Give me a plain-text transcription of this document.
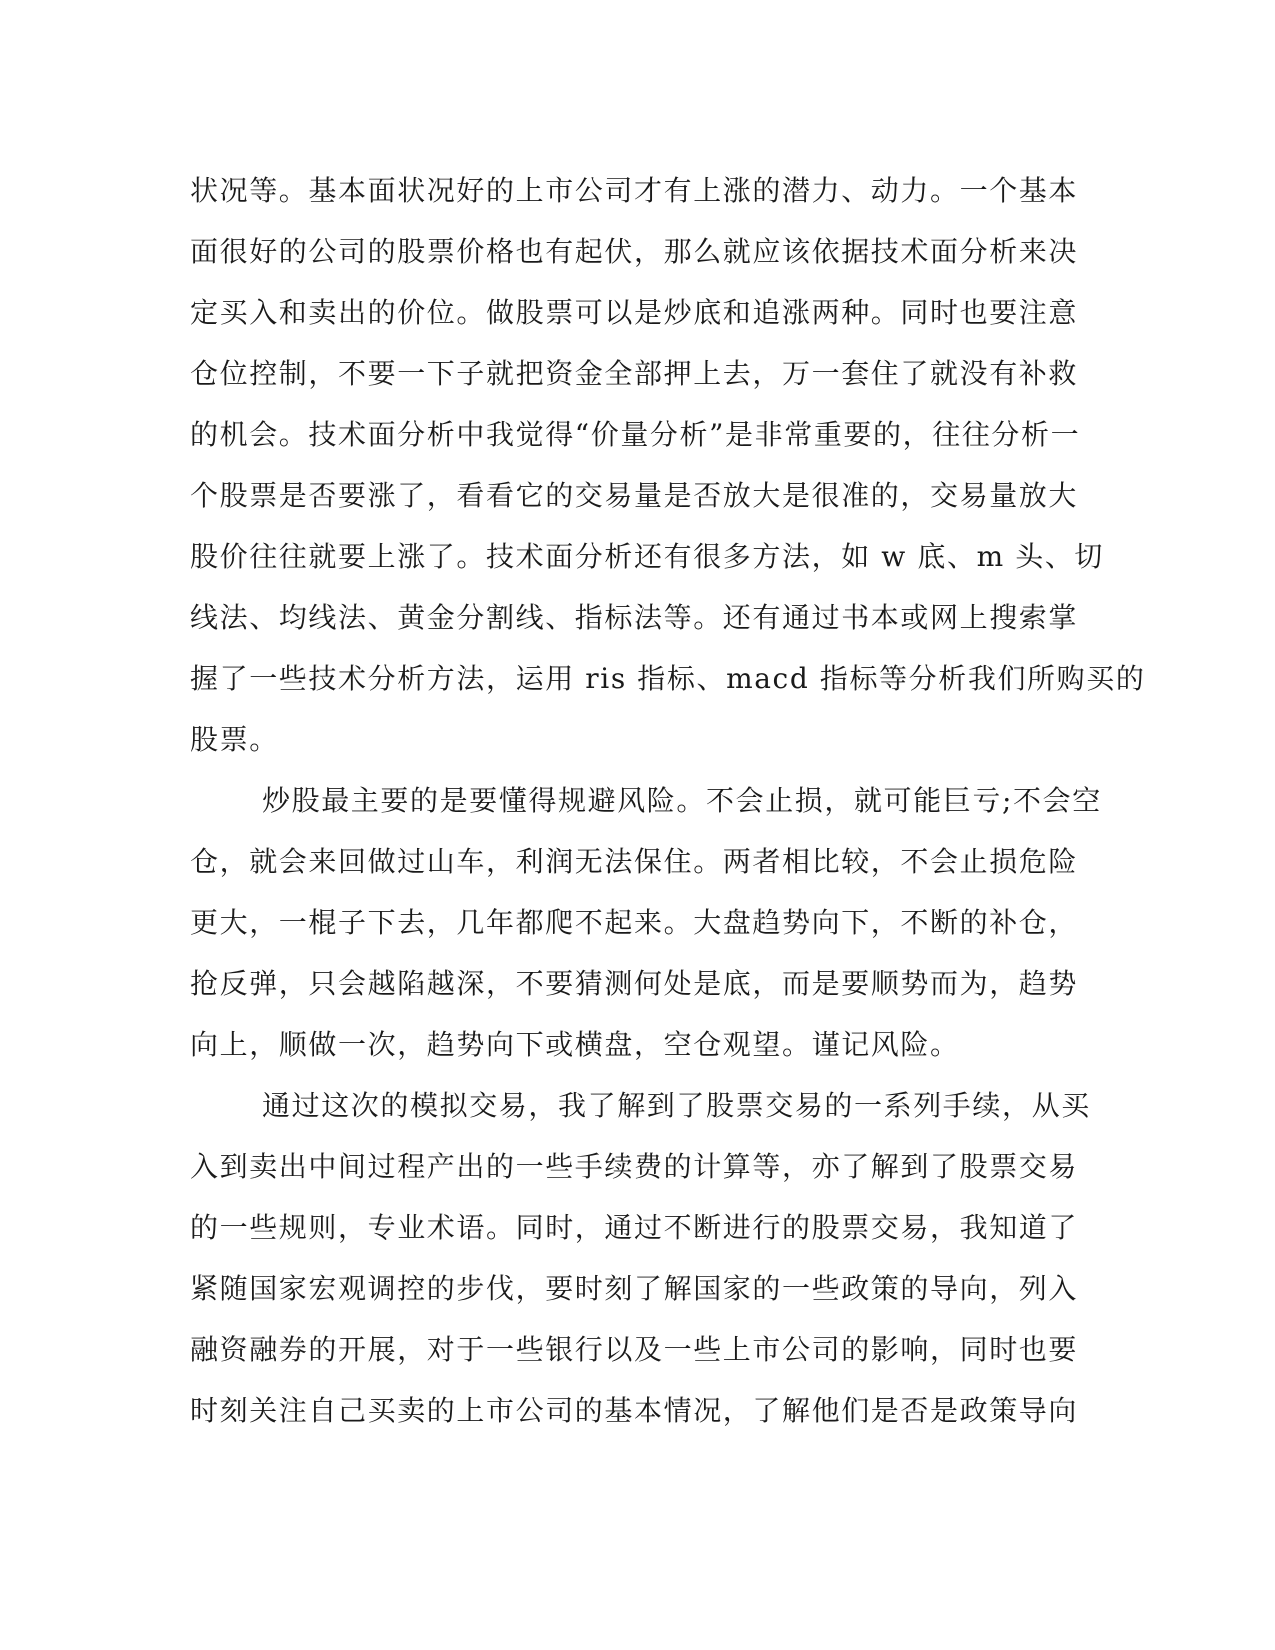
状况等。基本面状况好的上市公司才有上涨的潜力、动力。一个基本
面很好的公司的股票价格也有起伏，那么就应该依据技术面分析来决
定买入和卖出的价位。做股票可以是炒底和追涨两种。同时也要注意
仓位控制，不要一下子就把资金全部押上去，万一套住了就没有补救
的机会。技术面分析中我觉得“价量分析”是非常重要的，往往分析一
个股票是否要涨了，看看它的交易量是否放大是很准的，交易量放大
股价往往就要上涨了。技术面分析还有很多方法，如 w 底、m 头、切
线法、均线法、黄金分割线、指标法等。还有通过书本或网上搜索掌
握了一些技术分析方法，运用 ris 指标、macd 指标等分析我们所购买的
股票。
炒股最主要的是要懂得规避风险。不会止损，就可能巨亏;不会空
仓，就会来回做过山车，利润无法保住。两者相比较，不会止损危险
更大，一棍子下去，几年都爬不起来。大盘趋势向下，不断的补仓，
抢反弹，只会越陷越深，不要猜测何处是底，而是要顺势而为，趋势
向上，顺做一次，趋势向下或横盘，空仓观望。谨记风险。
通过这次的模拟交易，我了解到了股票交易的一系列手续，从买
入到卖出中间过程产出的一些手续费的计算等，亦了解到了股票交易
的一些规则，专业术语。同时，通过不断进行的股票交易，我知道了
紧随国家宏观调控的步伐，要时刻了解国家的一些政策的导向，列入
融资融券的开展，对于一些银行以及一些上市公司的影响，同时也要
时刻关注自己买卖的上市公司的基本情况，了解他们是否是政策导向
